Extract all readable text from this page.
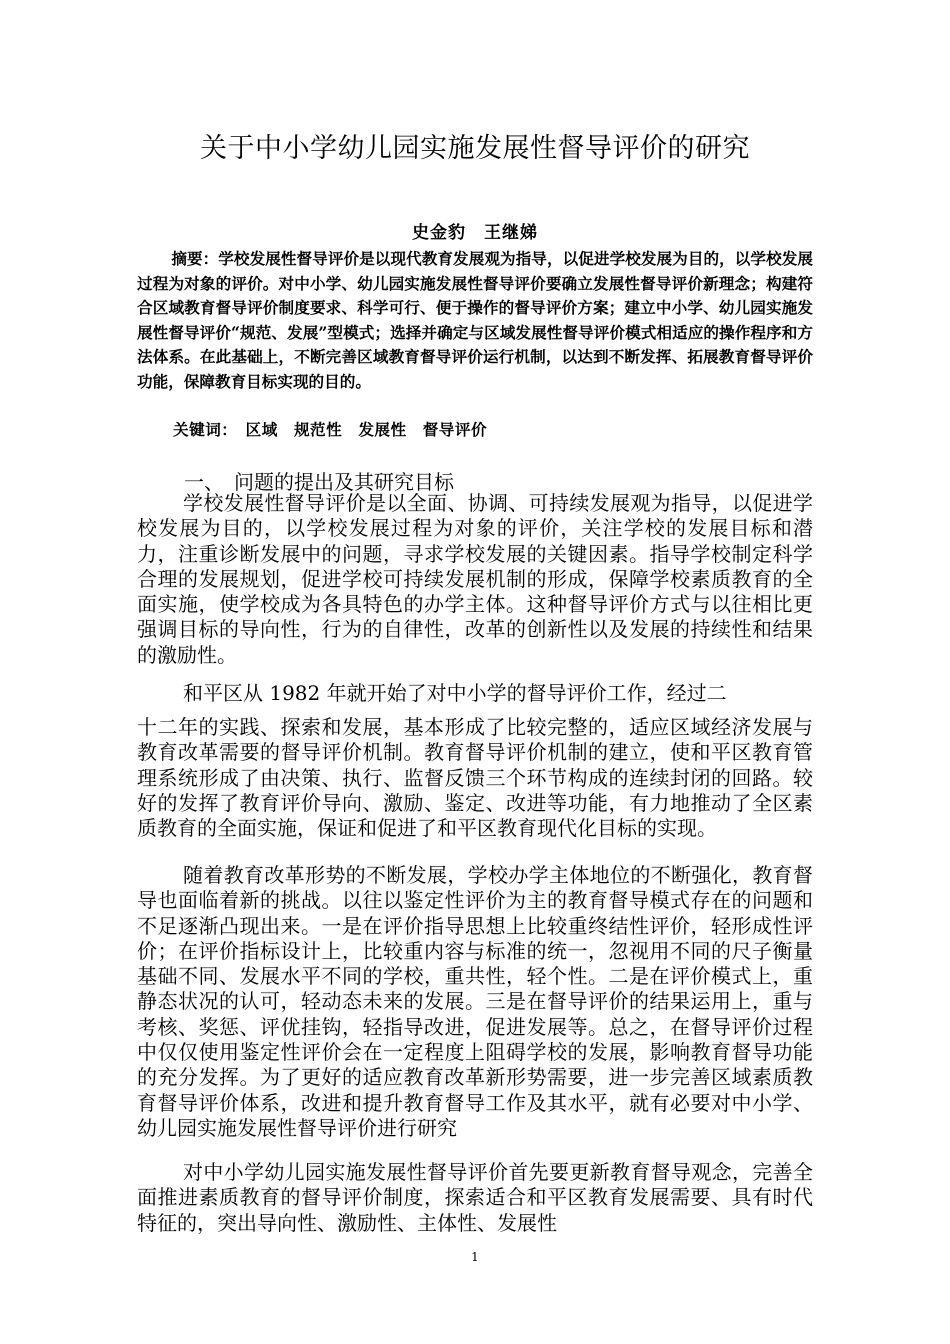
关于中小学幼儿园实施发展性督导评价的研究
史金豹　王继娣

摘要：学校发展性督导评价是以现代教育发展观为指导，以促进学校发展为目的，以学校发展过程为对象的评价。对中小学、幼儿园实施发展性督导评价要确立发展性督导评价新理念；构建符合区域教育督导评价制度要求、科学可行、便于操作的督导评价方案；建立中小学、幼儿园实施发展性督导评价“规范、发展”型模式；选择并确定与区域发展性督导评价模式相适应的操作程序和方法体系。在此基础上，不断完善区域教育督导评价运行机制，以达到不断发挥、拓展教育督导评价功能，保障教育目标实现的目的。

关键词：　区域　规范性　发展性　督导评价
一、　问题的提出及其研究目标

学校发展性督导评价是以全面、协调、可持续发展观为指导，以促进学校发展为目的，以学校发展过程为对象的评价，关注学校的发展目标和潜力，注重诊断发展中的问题，寻求学校发展的关键因素。指导学校制定科学合理的发展规划，促进学校可持续发展机制的形成，保障学校素质教育的全面实施，使学校成为各具特色的办学主体。这种督导评价方式与以往相比更强调目标的导向性，行为的自律性，改革的创新性以及发展的持续性和结果的激励性。

和平区从 1982 年就开始了对中小学的督导评价工作，经过二

十二年的实践、探索和发展，基本形成了比较完整的，适应区域经济发展与教育改革需要的督导评价机制。教育督导评价机制的建立，使和平区教育管理系统形成了由决策、执行、监督反馈三个环节构成的连续封闭的回路。较好的发挥了教育评价导向、激励、鉴定、改进等功能，有力地推动了全区素质教育的全面实施，保证和促进了和平区教育现代化目标的实现。

随着教育改革形势的不断发展，学校办学主体地位的不断强化，教育督导也面临着新的挑战。以往以鉴定性评价为主的教育督导模式存在的问题和不足逐渐凸现出来。一是在评价指导思想上比较重终结性评价，轻形成性评价；在评价指标设计上，比较重内容与标准的统一，忽视用不同的尺子衡量基础不同、发展水平不同的学校，重共性，轻个性。二是在评价模式上，重静态状况的认可，轻动态未来的发展。三是在督导评价的结果运用上，重与考核、奖惩、评优挂钩，轻指导改进，促进发展等。总之，在督导评价过程中仅仅使用鉴定性评价会在一定程度上阻碍学校的发展，影响教育督导功能的充分发挥。为了更好的适应教育改革新形势需要，进一步完善区域素质教育督导评价体系，改进和提升教育督导工作及其水平，就有必要对中小学、幼儿园实施发展性督导评价进行研究

对中小学幼儿园实施发展性督导评价首先要更新教育督导观念，完善全面推进素质教育的督导评价制度，探索适合和平区教育发展需要、具有时代特征的，突出导向性、激励性、主体性、发展性

1
